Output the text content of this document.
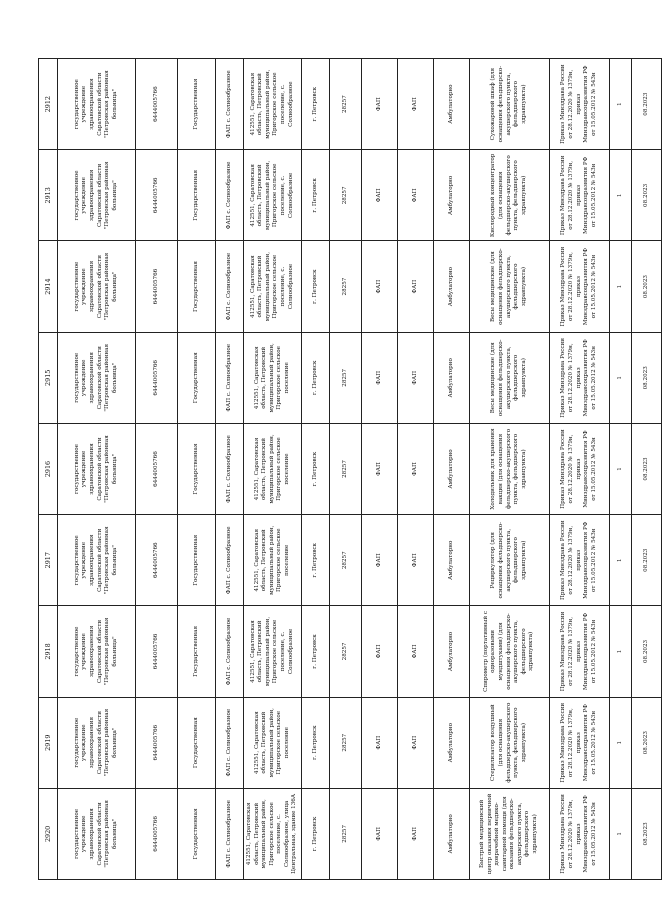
2920	2919	2918	2917	2916	2915	2914	2913	2912
государственное учреждение здравоохранения Саратовской области "Петровская районная больница"	государственное учреждение здравоохранения Саратовской области "Петровская районная больница"	государственное учреждение здравоохранения Саратовской области "Петровская районная больница"	государственное учреждение здравоохранения Саратовской области "Петровская районная больница"	государственное учреждение здравоохранения Саратовской области "Петровская районная больница"	государственное учреждение здравоохранения Саратовской области "Петровская районная больница"	государственное учреждение здравоохранения Саратовской области "Петровская районная больница"	государственное учреждение здравоохранения Саратовской области "Петровская районная больница"	государственное учреждение здравоохранения Саратовской области "Петровская районная больница"
6444005766	6444005766	6444005766	6444005766	6444005766	6444005766	6444005766	6444005766	6444005766
Государственная	Государственная	Государственная	Государственная	Государственная	Государственная	Государственная	Государственная	Государственная
ФАП с. Солнообразное	ФАП с. Солнообразное	ФАП с. Солнообразное	ФАП с. Солнообразное	ФАП с. Солнообразное	ФАП с. Солнообразное	ФАП с. Солнообразное	ФАП с. Солнообразное	ФАП с. Солнообразное
412551, Саратовская область, Петровский муниципальный район, Пригорское сельское поселение, с. Солнообразное, улица Центральная, здание 136А	412551, Саратовская область, Петровский муниципальный район, Пригорское сельское поселение	412551, Саратовская область, Петровский муниципальный район, Пригорское сельское поселение, с. Солнообразное	412551, Саратовская область, Петровский муниципальный район, Пригорское сельское поселение	412551, Саратовская область, Петровский муниципальный район, Пригорское сельское поселение	412551, Саратовская область, Петровский муниципальный район, Пригорское сельское поселение	412551, Саратовская область, Петровский муниципальный район, Пригорское сельское поселение, с. Солнообразное	412551, Саратовская область, Петровский муниципальный район, Пригорское сельское поселение, с. Солнообразное	412551, Саратовская область, Петровский муниципальный район, Пригорское сельское поселение, с. Солнообразное
г. Петровск	г. Петровск	г. Петровск	г. Петровск	г. Петровск	г. Петровск	г. Петровск	г. Петровск	г. Петровск
28257	28257	28257	28257	28257	28257	28257	28257	28257
ФАП	ФАП	ФАП	ФАП	ФАП	ФАП	ФАП	ФАП	ФАП
ФАП	ФАП	ФАП	ФАП	ФАП	ФАП	ФАП	ФАП	ФАП
Амбулаторно	Амбулаторно	Амбулаторно	Амбулаторно	Амбулаторно	Амбулаторно	Амбулаторно	Амбулаторно	Амбулаторно
Быстрый медицинский центр оказания первичной доврачебной медико-санитарной помощи (для оказания фельдшерско-акушерского пункта, фельдшерского здравпункта)	Стерилизатор воздушный (для оснащения фельдшерско-акушерского пункта, фельдшерского здравпункта)	Спирометр (портативный с одноразовыми мундштуками) (для оснащения фельдшерско-акушерского пункта, фельдшерского здравпункта)	Рециркулятор (для оснащения фельдшерско-акушерского пункта, фельдшерского здравпункта)	Холодильник для хранения вакцин (для оснащения фельдшерско-акушерского пункта, фельдшерского здравпункта)	Весы медицинские (для оснащения фельдшерско-акушерского пункта, фельдшерского здравпункта)	Весы медицинские (для оснащения фельдшерско-акушерского пункта, фельдшерского здравпункта)	Кислородный концентратор (для оснащения фельдшерско-акушерского пункта, фельдшерского здравпункта)	Сухожаровой шкаф (для оснащения фельдшерско-акушерского пункта, фельдшерского здравпункта)
Приказ Минздрава России от 28.12.2020 № 1379н, приказ Минздравсоцразвития РФ от 15.05.2012 № 543н	Приказ Минздрава России от 28.12.2020 № 1379н, приказ Минздравсоцразвития РФ от 15.05.2012 № 543н	Приказ Минздрава России от 28.12.2020 № 1379н, приказ Минздравсоцразвития РФ от 15.05.2012 № 543н	Приказ Минздрава России от 28.12.2020 № 1379н, приказ Минздравсоцразвития РФ от 15.05.2012 № 543н	Приказ Минздрава России от 28.12.2020 № 1379н, приказ Минздравсоцразвития РФ от 15.05.2012 № 543н	Приказ Минздрава России от 28.12.2020 № 1379н, приказ Минздравсоцразвития РФ от 15.05.2012 № 543н	Приказ Минздрава России от 28.12.2020 № 1379н, приказ Минздравсоцразвития РФ от 15.05.2012 № 543н	Приказ Минздрава России от 28.12.2020 № 1379н, приказ Минздравсоцразвития РФ от 15.05.2012 № 543н	Приказ Минздрава России от 28.12.2020 № 1379н, приказ Минздравсоцразвития РФ от 15.05.2012 № 543н
1	1	1	1	1	1	1	1	1
08.2023	08.2023	08.2023	08.2023	08.2023	08.2023	08.2023	08.2023	08.2023
